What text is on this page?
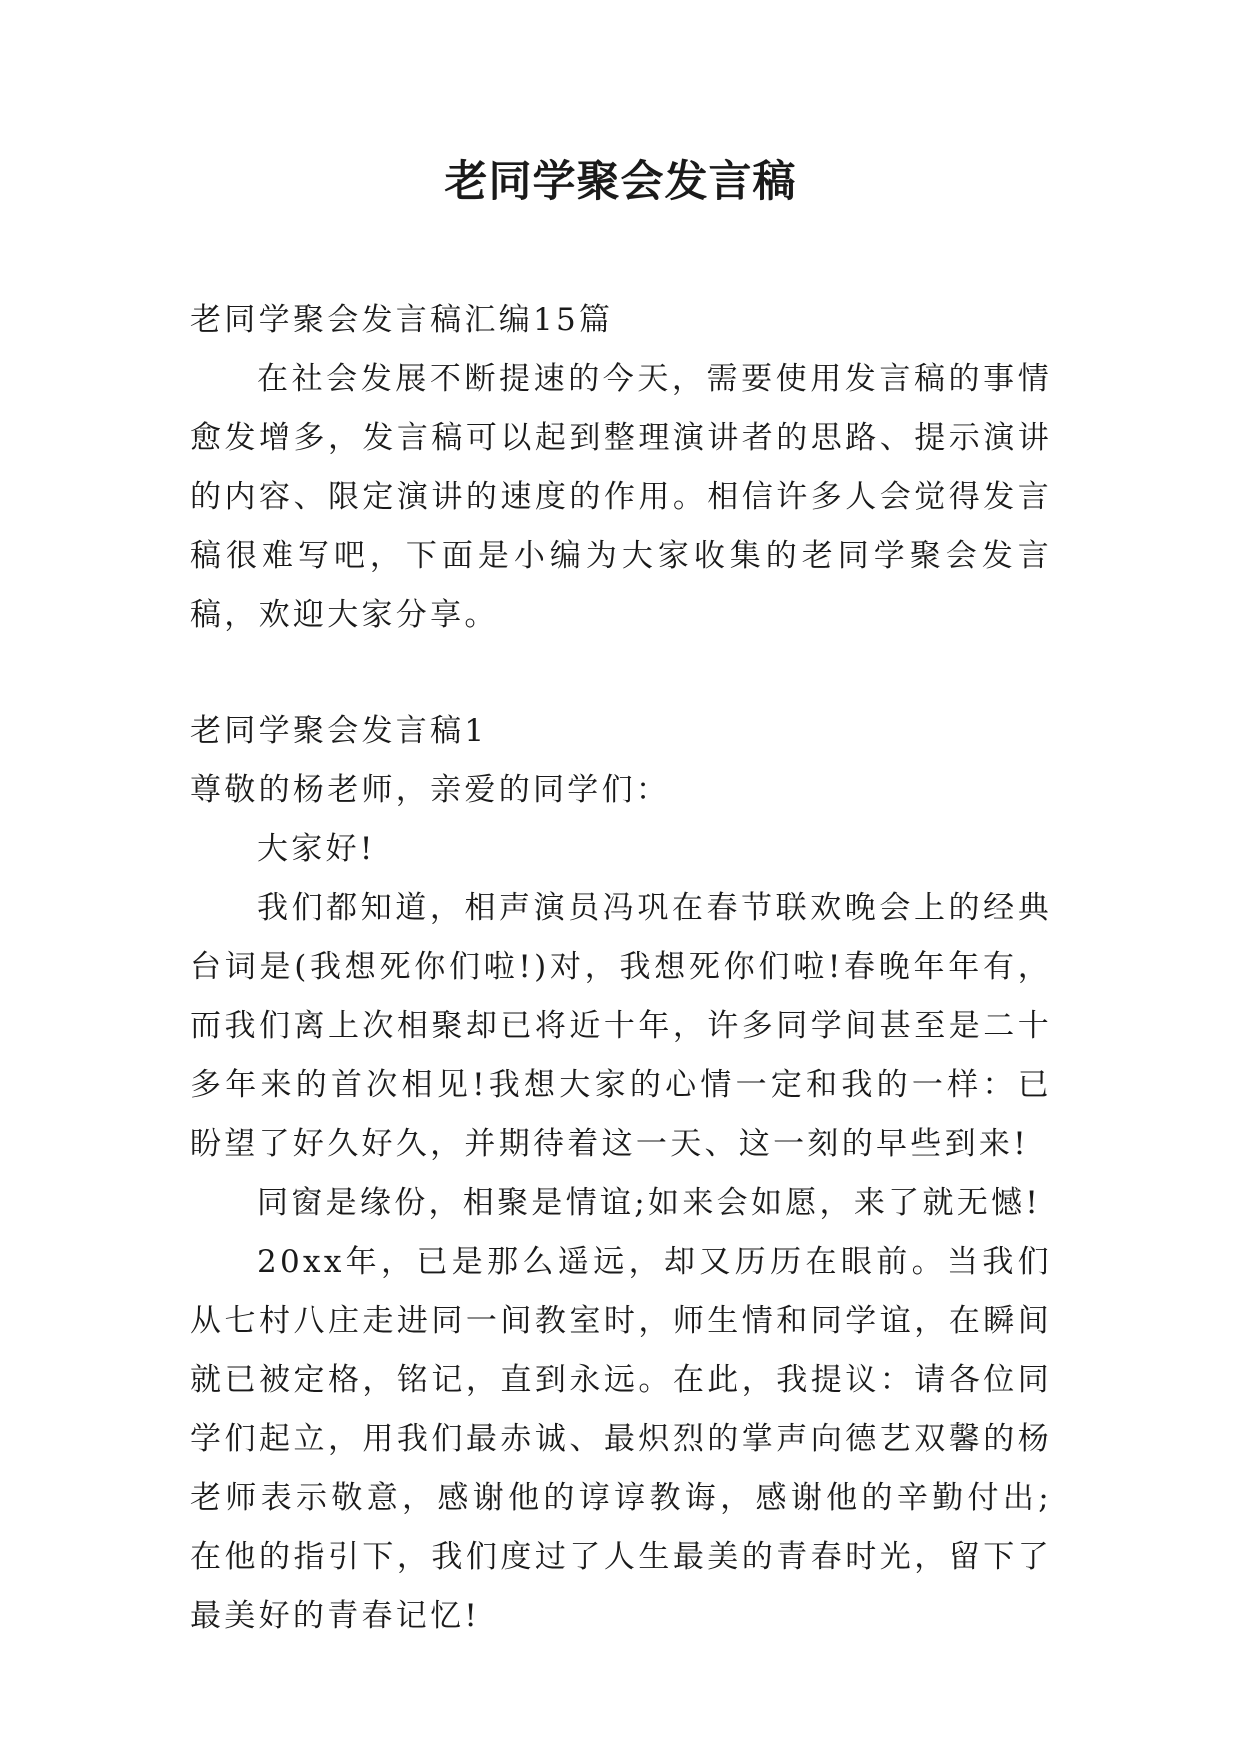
老同学聚会发言稿

老同学聚会发言稿汇编15篇

在社会发展不断提速的今天，需要使用发言稿的事情愈发增多，发言稿可以起到整理演讲者的思路、提示演讲的内容、限定演讲的速度的作用。相信许多人会觉得发言稿很难写吧，下面是小编为大家收集的老同学聚会发言稿，欢迎大家分享。

老同学聚会发言稿1

尊敬的杨老师，亲爱的同学们：

大家好!

我们都知道，相声演员冯巩在春节联欢晚会上的经典台词是(我想死你们啦!)对，我想死你们啦!春晚年年有，而我们离上次相聚却已将近十年，许多同学间甚至是二十多年来的首次相见!我想大家的心情一定和我的一样：已盼望了好久好久，并期待着这一天、这一刻的早些到来!

同窗是缘份，相聚是情谊;如来会如愿，来了就无憾!

20xx年，已是那么遥远，却又历历在眼前。当我们从七村八庄走进同一间教室时，师生情和同学谊，在瞬间就已被定格，铭记，直到永远。在此，我提议：请各位同学们起立，用我们最赤诚、最炽烈的掌声向德艺双馨的杨老师表示敬意，感谢他的谆谆教诲，感谢他的辛勤付出;在他的指引下，我们度过了人生最美的青春时光，留下了最美好的青春记忆!
